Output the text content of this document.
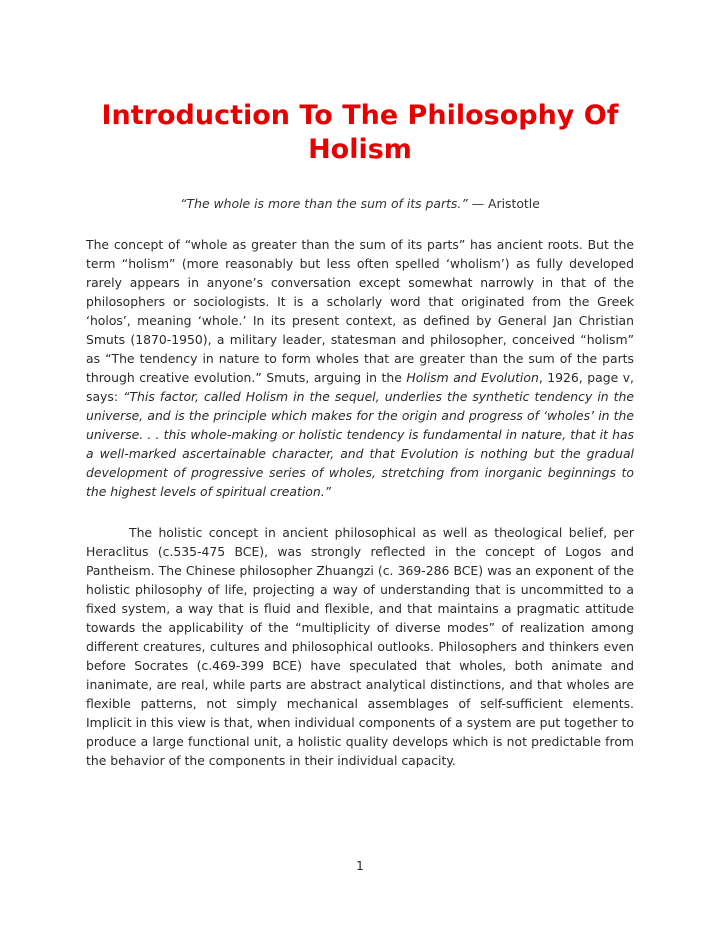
Introduction To The Philosophy Of Holism

“The whole is more than the sum of its parts.” — Aristotle

The concept of “whole as greater than the sum of its parts” has ancient roots. But the term “holism” (more reasonably but less often spelled ‘wholism’) as fully developed rarely appears in anyone’s conversation except somewhat narrowly in that of the philosophers or sociologists. It is a scholarly word that originated from the Greek ‘holos’, meaning ‘whole.’ In its present context, as defined by General Jan Christian Smuts (1870-1950), a military leader, statesman and philosopher, conceived “holism” as “The tendency in nature to form wholes that are greater than the sum of the parts through creative evolution.” Smuts, arguing in the Holism and Evolution, 1926, page v, says: “This factor, called Holism in the sequel, underlies the synthetic tendency in the universe, and is the principle which makes for the origin and progress of ‘wholes’ in the universe. . . this whole-making or holistic tendency is fundamental in nature, that it has a well-marked ascertainable character, and that Evolution is nothing but the gradual development of progressive series of wholes, stretching from inorganic beginnings to the highest levels of spiritual creation.”

The holistic concept in ancient philosophical as well as theological belief, per Heraclitus (c.535-475 BCE), was strongly reflected in the concept of Logos and Pantheism. The Chinese philosopher Zhuangzi (c. 369-286 BCE) was an exponent of the holistic philosophy of life, projecting a way of understanding that is uncommitted to a fixed system, a way that is fluid and flexible, and that maintains a pragmatic attitude towards the applicability of the “multiplicity of diverse modes” of realization among different creatures, cultures and philosophical outlooks. Philosophers and thinkers even before Socrates (c.469-399 BCE) have speculated that wholes, both animate and inanimate, are real, while parts are abstract analytical distinctions, and that wholes are flexible patterns, not simply mechanical assemblages of self-sufficient elements. Implicit in this view is that, when individual components of a system are put together to produce a large functional unit, a holistic quality develops which is not predictable from the behavior of the components in their individual capacity.

1
